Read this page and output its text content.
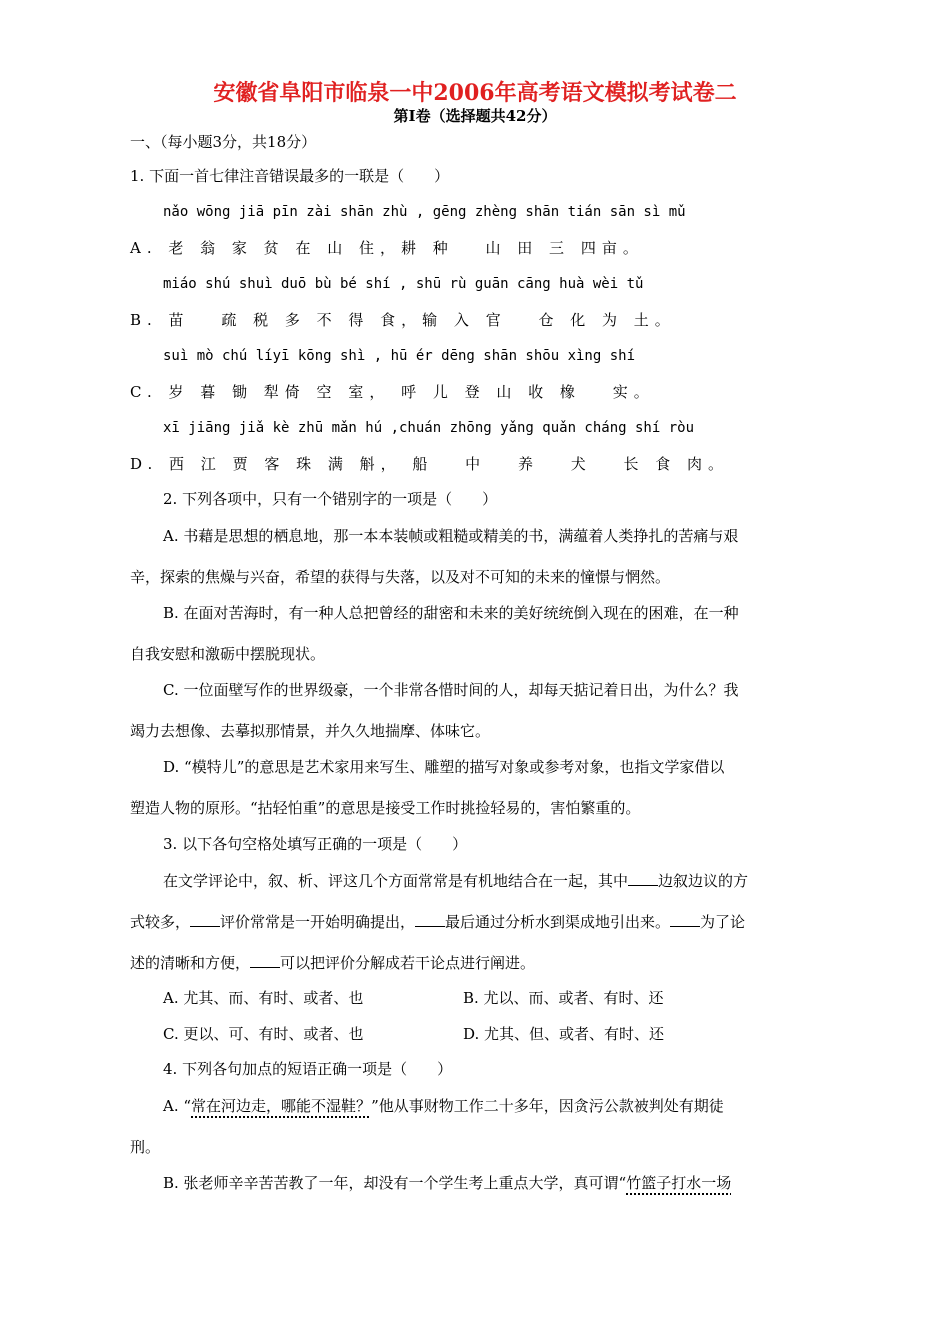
安徽省阜阳市临泉一中2006年高考语文模拟考试卷二
第Ⅰ卷（选择题共42分）
一、（每小题3分，共18分）
1. 下面一首七律注音错误最多的一联是（　　）
nǎo wōng jiā pīn zài shān zhù , gēng zhèng shān tián sān sì mǔ
A. 老 翁 家 贫 在 山 住，耕 种　 山 田 三 四亩。
miáo shú shuì duō bù bé shí , shū rù guān cāng huà wèi tǔ
B. 苗　 疏 税 多 不 得 食，输 入 官　 仓 化 为 土。
suì mò chú líyī kōng shì , hū ér dēng shān shōu xìng shí
C. 岁 暮 锄 犁倚 空 室， 呼 儿 登 山 收 橡　 实。
xī jiāng jiǎ kè zhū mǎn hú ,chuán zhōng yǎng quǎn cháng shí ròu
D. 西 江 贾 客 珠 满 斛， 船　 中　 养　 犬　 长 食 肉。
2. 下列各项中，只有一个错别字的一项是（　　）
A. 书藉是思想的栖息地，那一本本装帧或粗糙或精美的书，满蕴着人类挣扎的苦痛与艰
辛，探索的焦燥与兴奋，希望的获得与失落，以及对不可知的未来的憧憬与惘然。
B. 在面对苦海时，有一种人总把曾经的甜密和未来的美好统统倒入现在的困难，在一种
自我安慰和激砺中摆脱现状。
C. 一位面壁写作的世界级豪，一个非常各惜时间的人，却每天掂记着日出，为什么？我
竭力去想像、去摹拟那情景，并久久地揣摩、体味它。
D. “模特儿”的意思是艺术家用来写生、雕塑的描写对象或参考对象，也指文学家借以
塑造人物的原形。“拈轻怕重”的意思是接受工作时挑捡轻易的，害怕繁重的。
3. 以下各句空格处填写正确的一项是（　　）
在文学评论中，叙、析、评这几个方面常常是有机地结合在一起，其中 边叙边议的方
式较多， 评价常常是一开始明确提出， 最后通过分析水到渠成地引出来。 为了论
述的清晰和方便， 可以把评价分解成若干论点进行阐进。
A. 尤其、而、有时、或者、也	B. 尤以、而、或者、有时、还
C. 更以、可、有时、或者、也	D. 尤其、但、或者、有时、还
4. 下列各句加点的短语正确一项是（　　）
A. “常在河边走，哪能不湿鞋？”他从事财物工作二十多年，因贪污公款被判处有期徒
刑。
B. 张老师辛辛苦苦教了一年，却没有一个学生考上重点大学，真可谓“竹篮子打水一场
